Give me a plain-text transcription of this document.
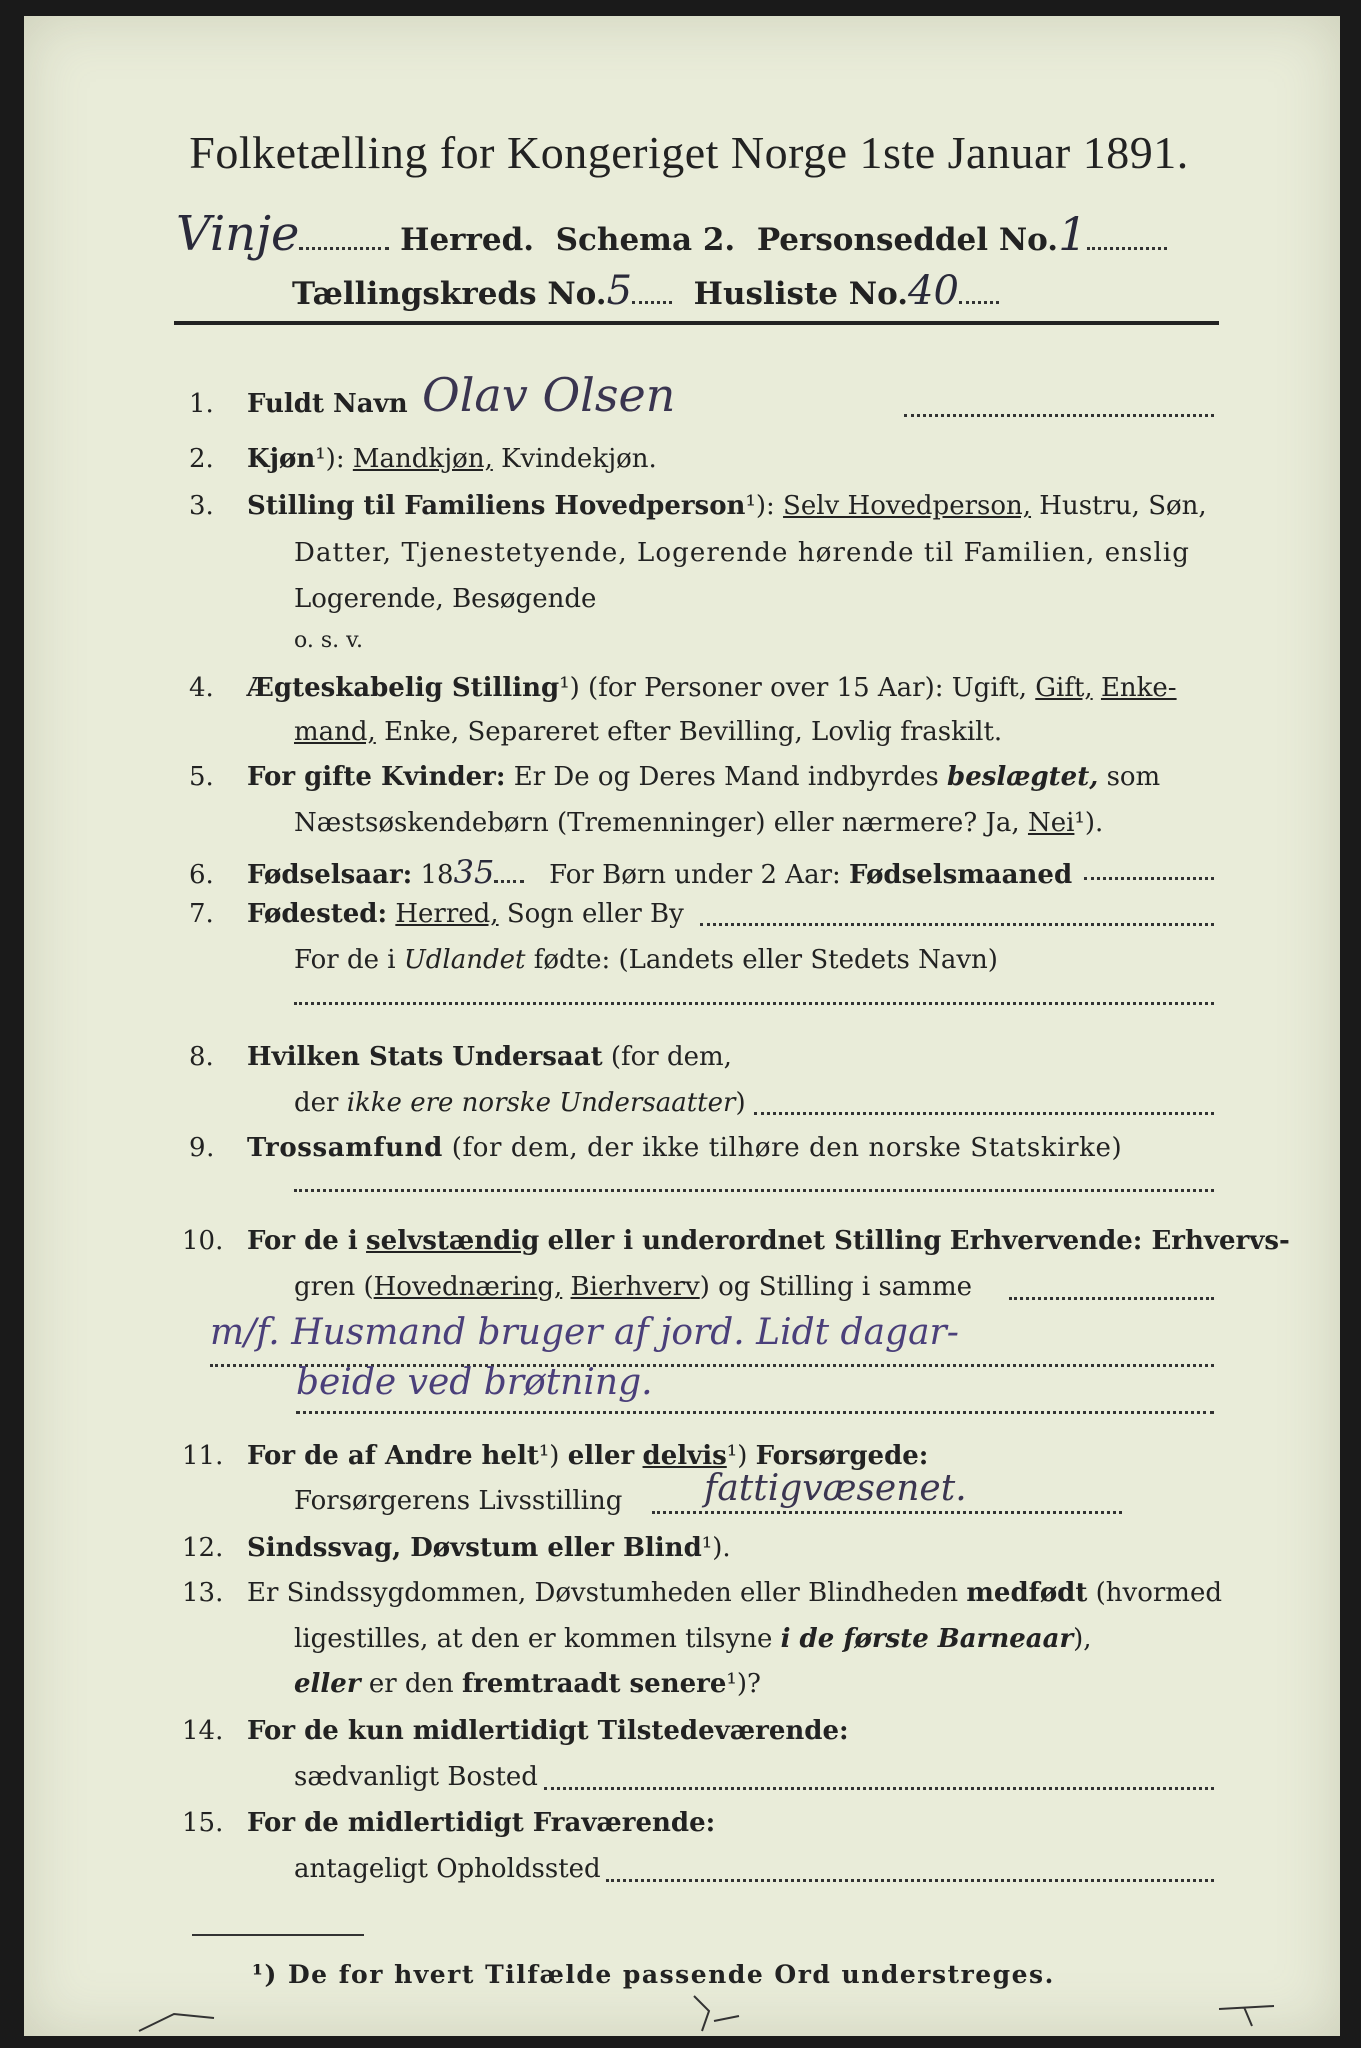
Folketælling for Kongeriget Norge 1ste Januar 1891.
Vinje	Herred. Schema 2. Personseddel No.1
Tællingskreds No.5 Husliste No.40
1. Fuldt Navn Olav Olsen
2. Kjøn¹): Mandkjøn, Kvindekjøn.
3. Stilling til Familiens Hovedperson¹): Selv Hovedperson, Hustru, Søn,
Datter, Tjenestetyende, Logerende hørende til Familien, enslig
Logerende, Besøgende
o. s. v.
4. Ægteskabelig Stilling¹) (for Personer over 15 Aar): Ugift, Gift, Enke-
mand, Enke, Separeret efter Bevilling, Lovlig fraskilt.
5. For gifte Kvinder: Er De og Deres Mand indbyrdes beslægtet, som
Næstsøskendebørn (Tremenninger) eller nærmere? Ja, Nei¹).
6. Fødselsaar: 1835 For Børn under 2 Aar: Fødselsmaaned
7. Fødested: Herred, Sogn eller By
For de i Udlandet fødte: (Landets eller Stedets Navn)
8. Hvilken Stats Undersaat (for dem,
der ikke ere norske Undersaatter)
9. Trossamfund (for dem, der ikke tilhøre den norske Statskirke)
10. For de i selvstændig eller i underordnet Stilling Erhvervende: Erhvervs-
gren (Hovednæring, Bierhverv) og Stilling i samme
m/f. Husmand bruger af jord. Lidt dagar-
beide ved brøtning.
11. For de af Andre helt¹) eller delvis¹) Forsørgede:
Forsørgerens Livsstilling fattigvæsenet.
12. Sindssvag, Døvstum eller Blind¹).
13. Er Sindssygdommen, Døvstumheden eller Blindheden medfødt (hvormed
ligestilles, at den er kommen tilsyne i de første Barneaar),
eller er den fremtraadt senere¹)?
14. For de kun midlertidigt Tilstedeværende:
sædvanligt Bosted
15. For de midlertidigt Fraværende:
antageligt Opholdssted
¹) De for hvert Tilfælde passende Ord understreges.
